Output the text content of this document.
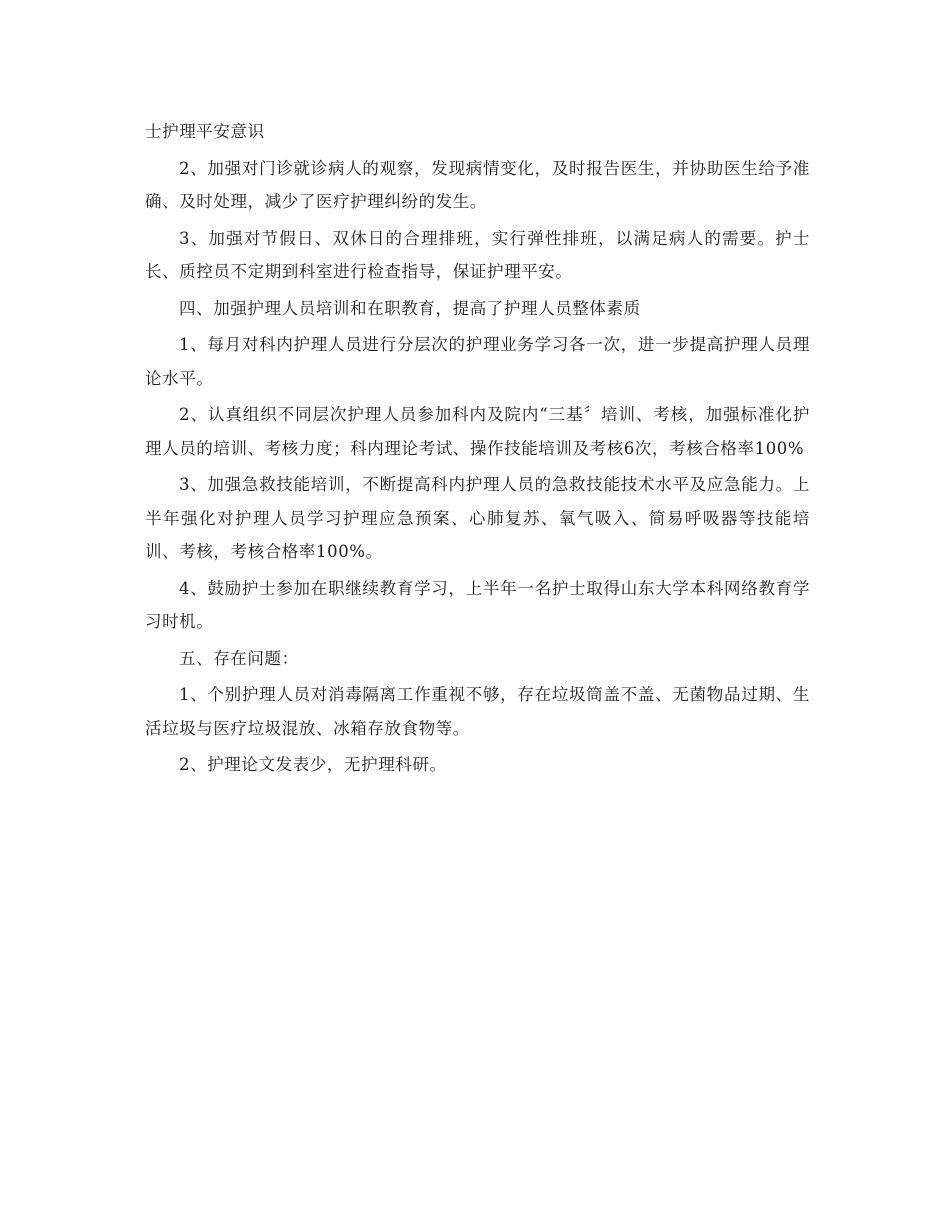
士护理平安意识

2、加强对门诊就诊病人的观察，发现病情变化，及时报告医生，并协助医生给予准确、及时处理，减少了医疗护理纠纷的发生。

3、加强对节假日、双休日的合理排班，实行弹性排班，以满足病人的需要。护士长、质控员不定期到科室进行检查指导，保证护理平安。

四、加强护理人员培训和在职教育，提高了护理人员整体素质

1、每月对科内护理人员进行分层次的护理业务学习各一次，进一步提高护理人员理论水平。

2、认真组织不同层次护理人员参加科内及院内“三基〞培训、考核，加强标准化护理人员的培训、考核力度；科内理论考试、操作技能培训及考核6次，考核合格率100%

3、加强急救技能培训，不断提高科内护理人员的急救技能技术水平及应急能力。上半年强化对护理人员学习护理应急预案、心肺复苏、氧气吸入、简易呼吸器等技能培训、考核，考核合格率100%。

4、鼓励护士参加在职继续教育学习，上半年一名护士取得山东大学本科网络教育学习时机。

五、存在问题：

1、个别护理人员对消毒隔离工作重视不够，存在垃圾筒盖不盖、无菌物品过期、生活垃圾与医疗垃圾混放、冰箱存放食物等。

2、护理论文发表少，无护理科研。
